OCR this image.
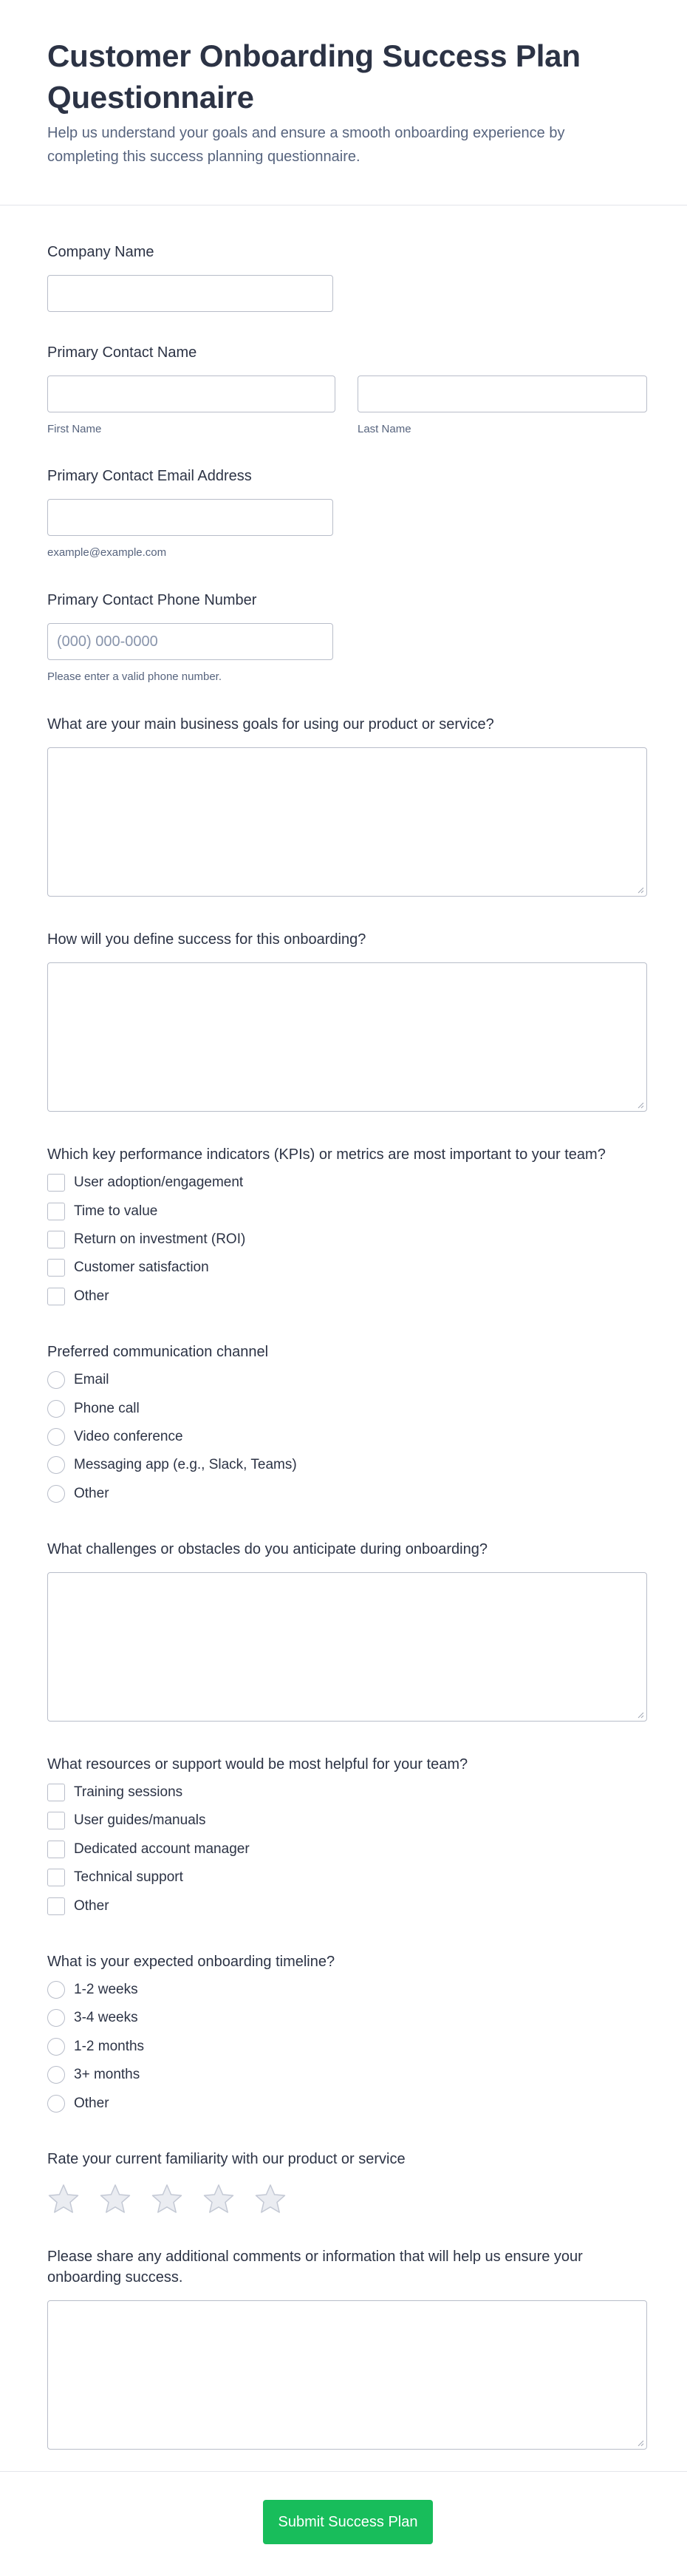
Customer Onboarding Success Plan Questionnaire

Help us understand your goals and ensure a smooth onboarding experience by completing this success planning questionnaire.

Company Name
Primary Contact Name
First Name	Last Name
Primary Contact Email Address
example@example.com
Primary Contact Phone Number
(000) 000-0000
Please enter a valid phone number.
What are your main business goals for using our product or service?
How will you define success for this onboarding?
Which key performance indicators (KPIs) or metrics are most important to your team?
User adoption/engagement
Time to value
Return on investment (ROI)
Customer satisfaction
Other
Preferred communication channel
Email
Phone call
Video conference
Messaging app (e.g., Slack, Teams)
Other
What challenges or obstacles do you anticipate during onboarding?
What resources or support would be most helpful for your team?
Training sessions
User guides/manuals
Dedicated account manager
Technical support
Other
What is your expected onboarding timeline?
1-2 weeks
3-4 weeks
1-2 months
3+ months
Other
Rate your current familiarity with our product or service
Please share any additional comments or information that will help us ensure your onboarding success.
Submit Success Plan
